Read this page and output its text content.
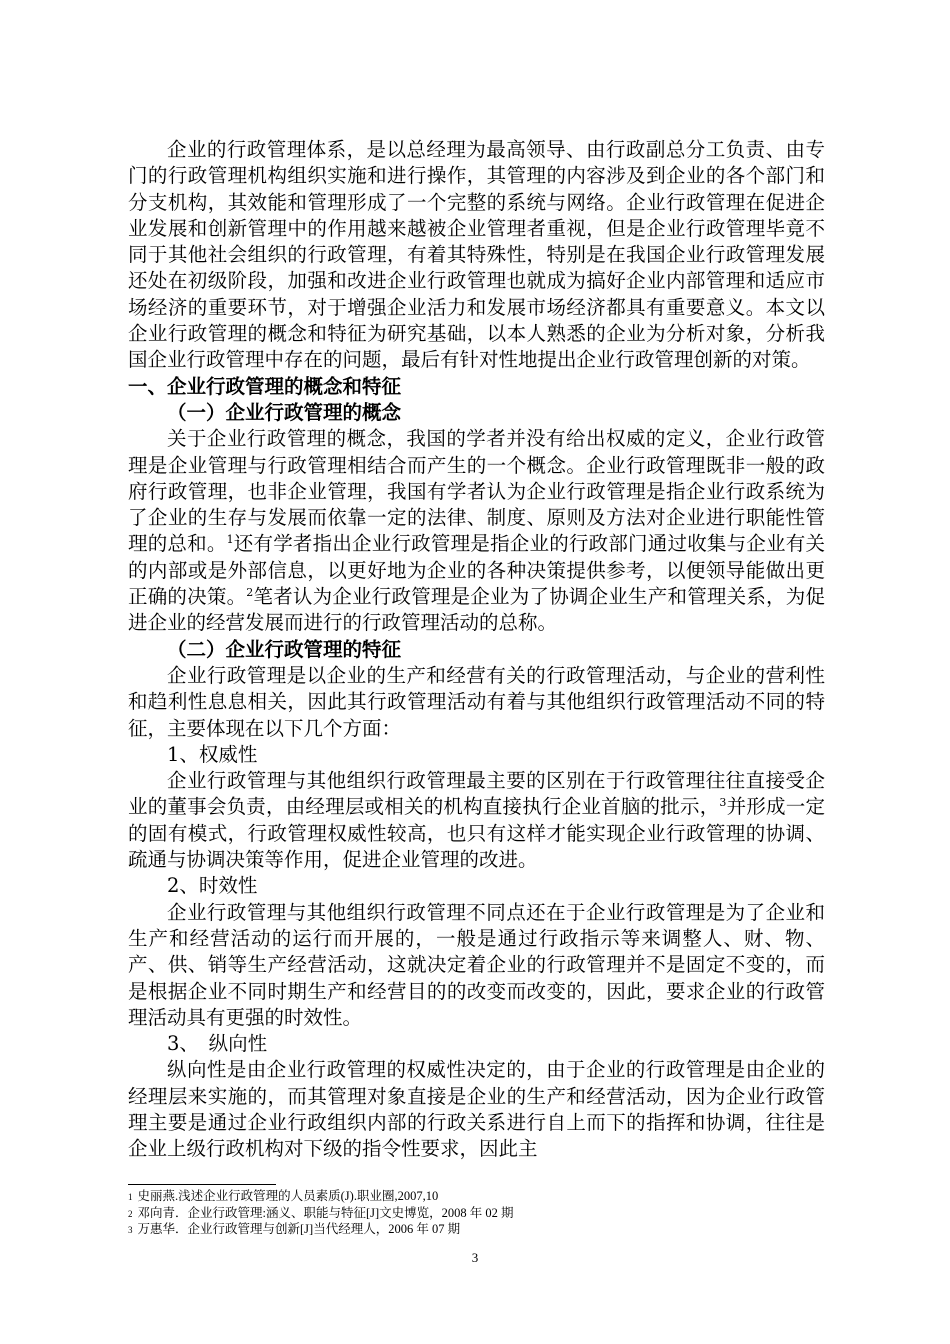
企业的行政管理体系，是以总经理为最高领导、由行政副总分工负责、由专门的行政管理机构组织实施和进行操作，其管理的内容涉及到企业的各个部门和分支机构，其效能和管理形成了一个完整的系统与网络。企业行政管理在促进企业发展和创新管理中的作用越来越被企业管理者重视，但是企业行政管理毕竟不同于其他社会组织的行政管理，有着其特殊性，特别是在我国企业行政管理发展还处在初级阶段，加强和改进企业行政管理也就成为搞好企业内部管理和适应市场经济的重要环节，对于增强企业活力和发展市场经济都具有重要意义。本文以企业行政管理的概念和特征为研究基础，以本人熟悉的企业为分析对象，分析我国企业行政管理中存在的问题，最后有针对性地提出企业行政管理创新的对策。

一、企业行政管理的概念和特征

（一）企业行政管理的概念

关于企业行政管理的概念，我国的学者并没有给出权威的定义，企业行政管理是企业管理与行政管理相结合而产生的一个概念。企业行政管理既非一般的政府行政管理，也非企业管理，我国有学者认为企业行政管理是指企业行政系统为了企业的生存与发展而依靠一定的法律、制度、原则及方法对企业进行职能性管理的总和。$^1$还有学者指出企业行政管理是指企业的行政部门通过收集与企业有关的内部或是外部信息，以更好地为企业的各种决策提供参考，以便领导能做出更正确的决策。$^2$笔者认为企业行政管理是企业为了协调企业生产和管理关系，为促进企业的经营发展而进行的行政管理活动的总称。

（二）企业行政管理的特征

企业行政管理是以企业的生产和经营有关的行政管理活动，与企业的营利性和趋利性息息相关，因此其行政管理活动有着与其他组织行政管理活动不同的特征，主要体现在以下几个方面：

1、权威性

企业行政管理与其他组织行政管理最主要的区别在于行政管理往往直接受企业的董事会负责，由经理层或相关的机构直接执行企业首脑的批示，$^3$并形成一定的固有模式，行政管理权威性较高，也只有这样才能实现企业行政管理的协调、疏通与协调决策等作用，促进企业管理的改进。

2、时效性

企业行政管理与其他组织行政管理不同点还在于企业行政管理是为了企业和生产和经营活动的运行而开展的，一般是通过行政指示等来调整人、财、物、产、供、销等生产经营活动，这就决定着企业的行政管理并不是固定不变的，而是根据企业不同时期生产和经营目的的改变而改变的，因此，要求企业的行政管理活动具有更强的时效性。

3、　纵向性

纵向性是由企业行政管理的权威性决定的，由于企业的行政管理是由企业的经理层来实施的，而其管理对象直接是企业的生产和经营活动，因为企业行政管理主要是通过企业行政组织内部的行政关系进行自上而下的指挥和协调，往往是企业上级行政机构对下级的指令性要求，因此主

$^1$ 史丽燕.浅述企业行政管理的人员素质(J).职业圈,2007,10
$^2$ 邓向青．企业行政管理:涵义、职能与特征[J]文史博览，2008 年 02 期
$^3$ 万惠华．企业行政管理与创新[J]当代经理人，2006 年 07 期
3
